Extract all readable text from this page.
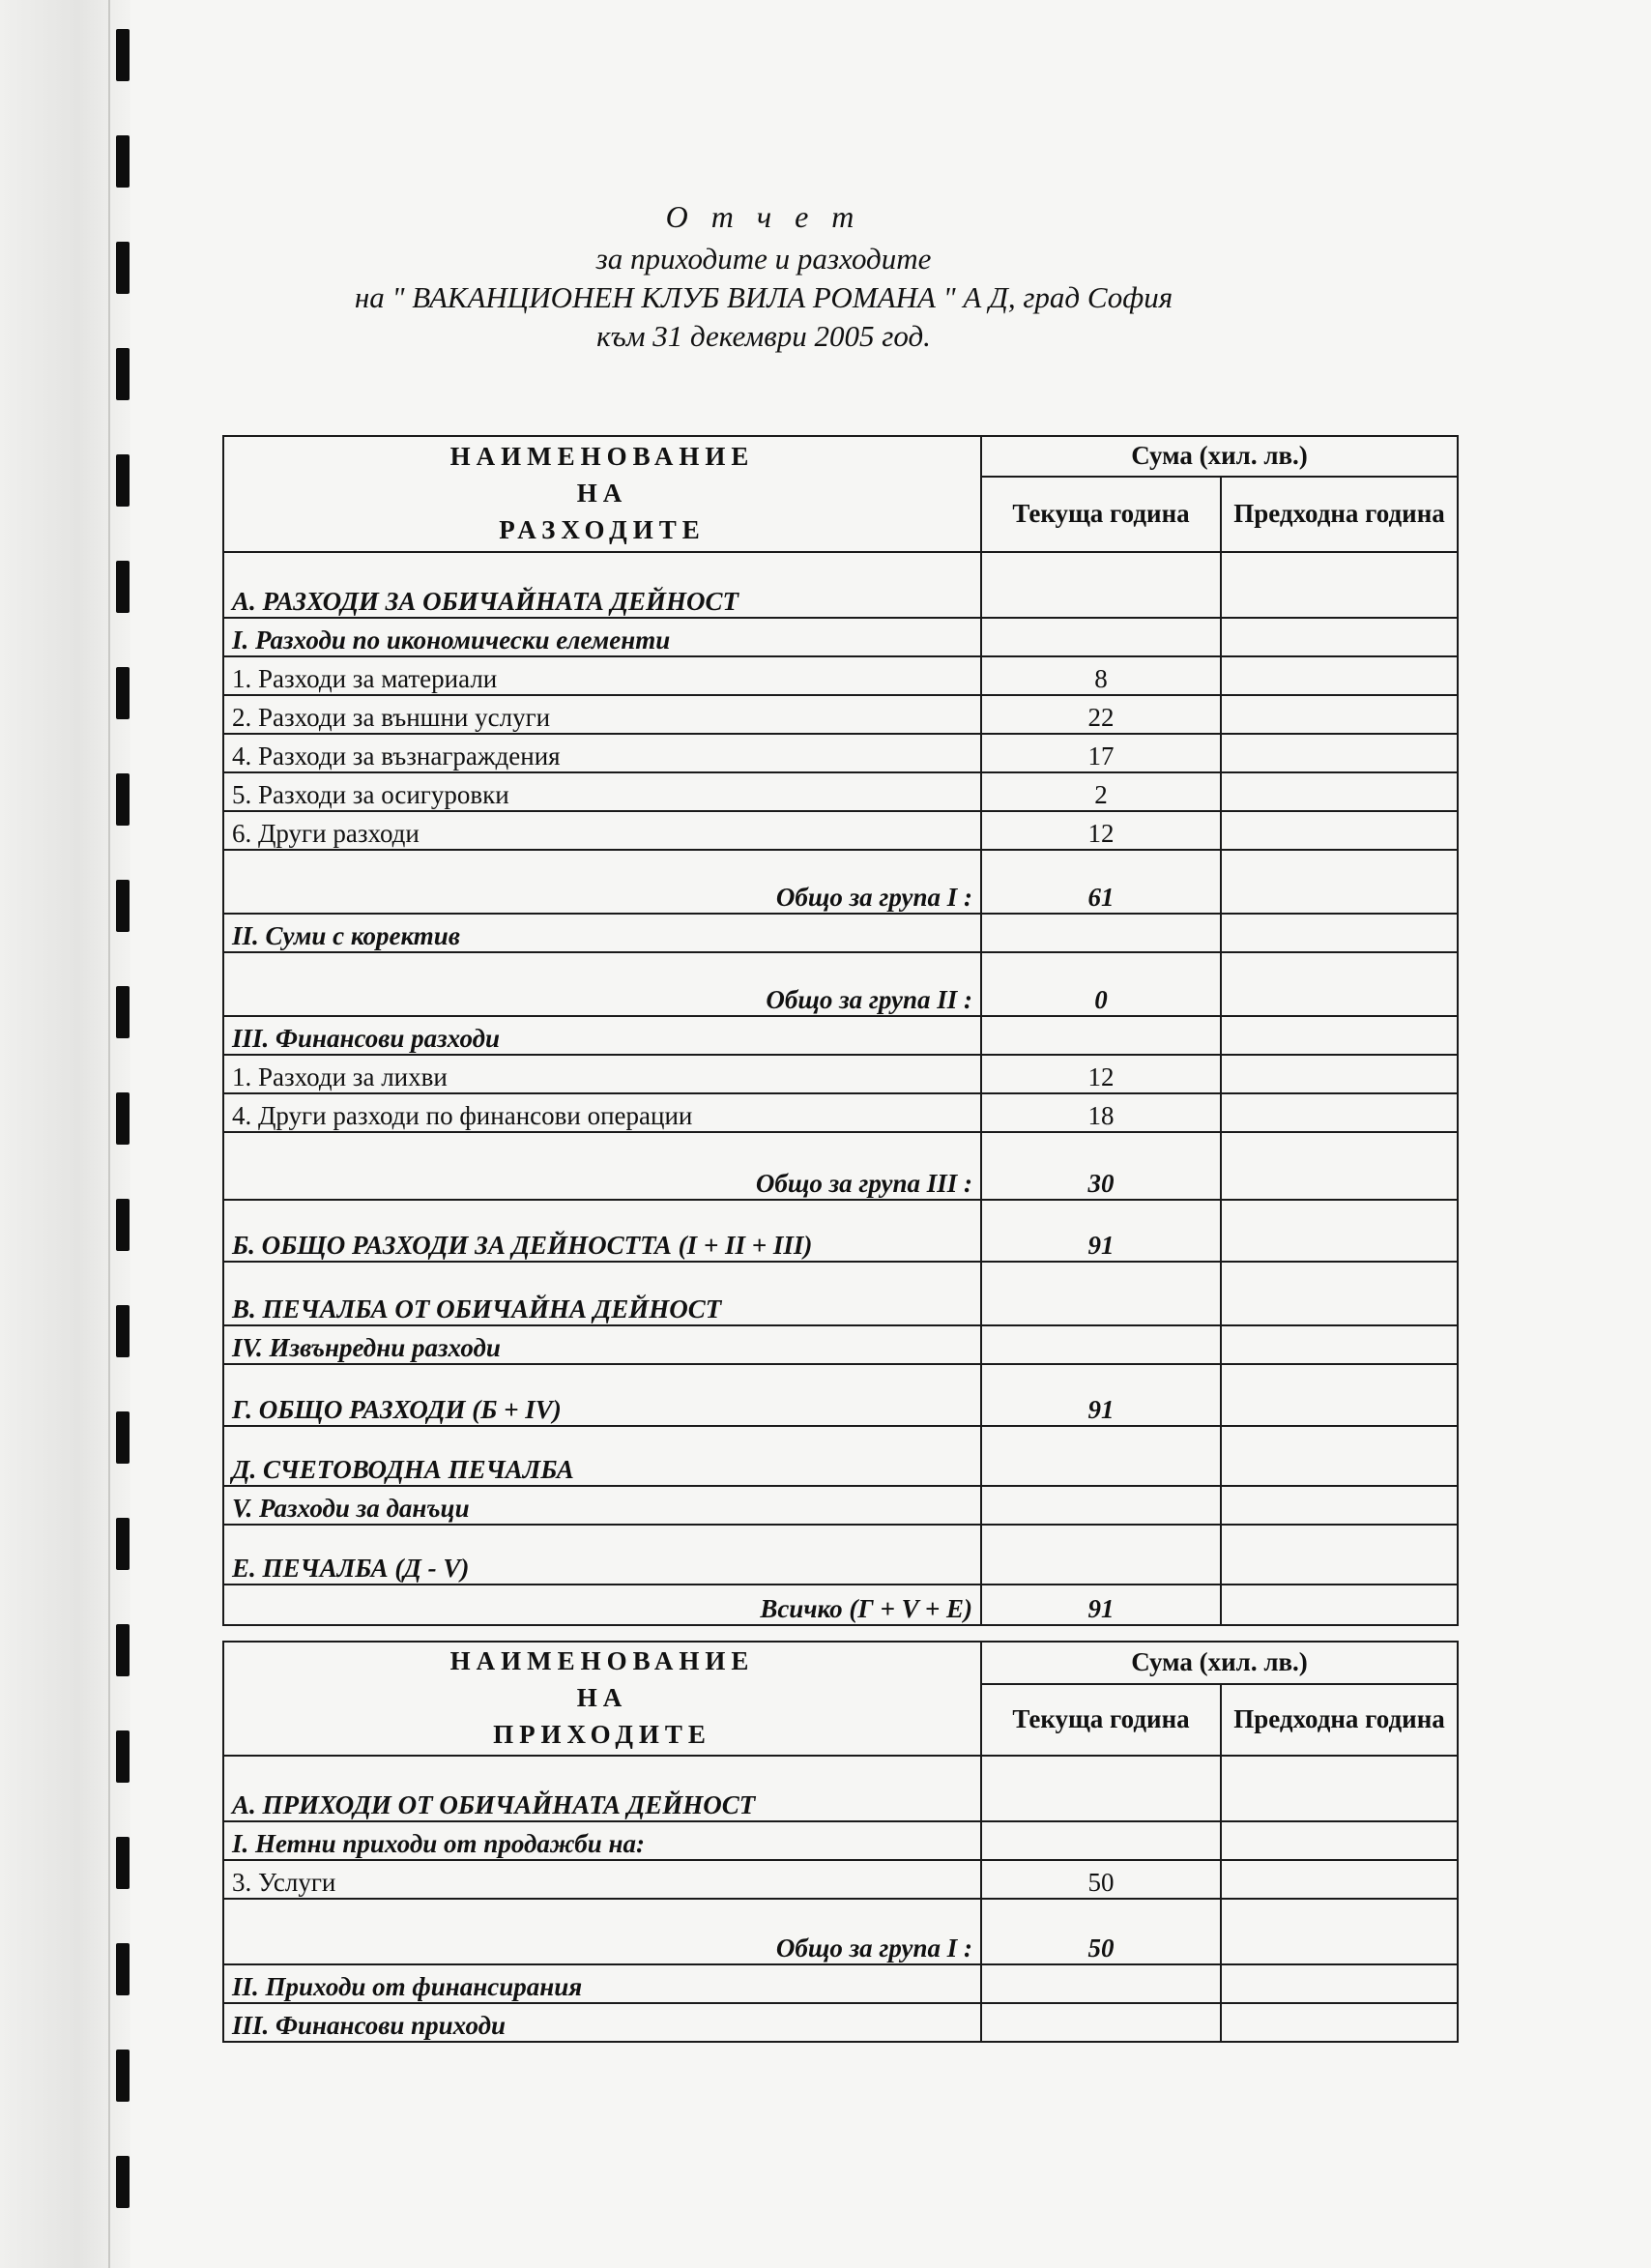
О т ч е т
за приходите и разходите
на " ВАКАНЦИОНЕН КЛУБ ВИЛА РОМАНА " А Д, град София
към 31 декември 2005 год.
НАИМЕНОВАНИЕ
НА
РАЗХОДИТЕ	Сума (хил. лв.)	
	Текуща година	Предходна година
А. РАЗХОДИ ЗА ОБИЧАЙНАТА ДЕЙНОСТ		
I. Разходи по икономически елементи		
1. Разходи за материали	8	
2. Разходи за външни услуги	22	
4. Разходи за възнаграждения	17	
5. Разходи за осигуровки	2	
6. Други разходи	12	
Общо за група I :	61	
II. Суми с коректив		
Общо за група II :	0	
III. Финансови разходи		
1. Разходи за лихви	12	
4. Други разходи по финансови операции	18	
Общо за група III :	30	
Б. ОБЩО РАЗХОДИ ЗА ДЕЙНОСТТА (I + II + III)	91	
В. ПЕЧАЛБА ОТ ОБИЧАЙНА ДЕЙНОСТ		
IV. Извънредни разходи		
Г. ОБЩО РАЗХОДИ (Б + IV)	91	
Д. СЧЕТОВОДНА ПЕЧАЛБА		
V. Разходи за данъци		
Е. ПЕЧАЛБА (Д - V)		
Всичко (Г + V + Е)	91	
НАИМЕНОВАНИЕ
НА
ПРИХОДИТЕ	Сума (хил. лв.)	
	Текуща година	Предходна година
А. ПРИХОДИ ОТ ОБИЧАЙНАТА ДЕЙНОСТ		
I. Нетни приходи от продажби на:		
3. Услуги	50	
Общо за група I :	50	
II. Приходи от финансирания		
III. Финансови приходи		
